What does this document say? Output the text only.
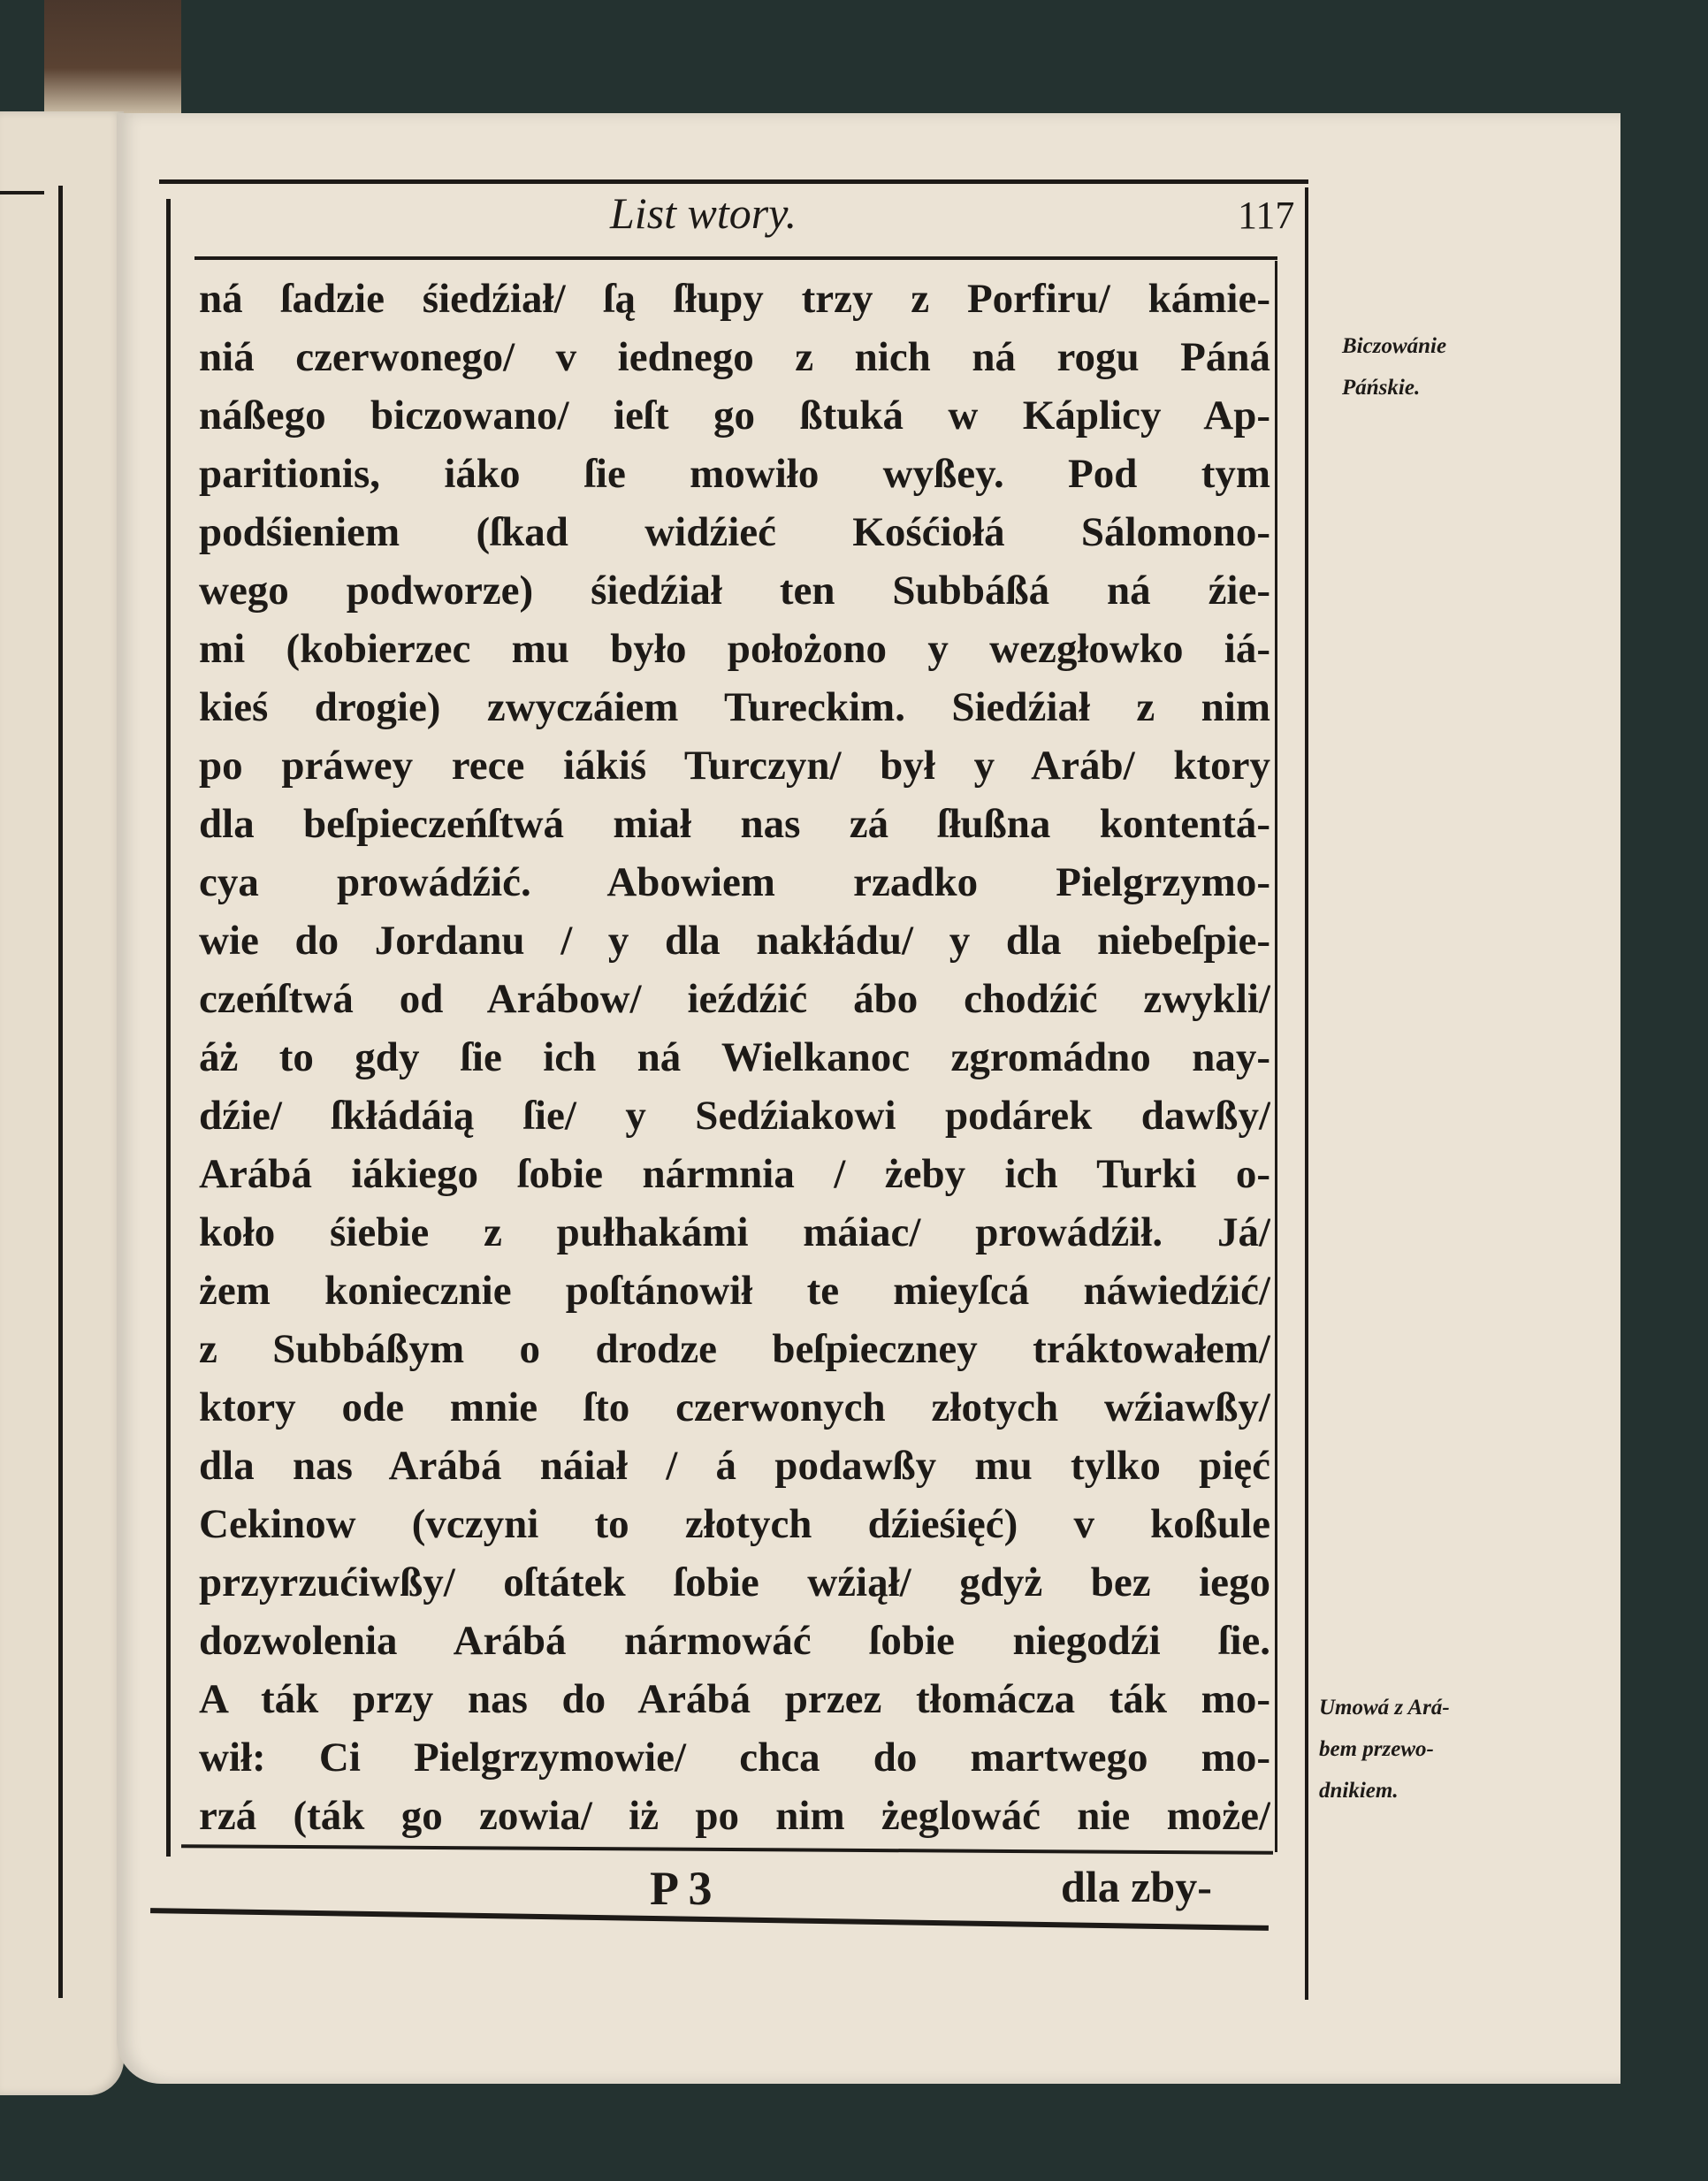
List wtory.	117
ná ſadzie śiedźiał/ ſą ſłupy trzy z Porfiru/ kámie-
niá czerwonego/ v iednego z nich ná rogu Páná
náßego biczowano/ ieſt go ßtuká w Káplicy Ap-
paritionis, iáko ſie mowiło wyßey. Pod tym
podśieniem (ſkad widźieć Kośćiołá Sálomono-
wego podworze) śiedźiał ten Subbáßá ná źie-
mi (kobierzec mu było położono y wezgłowko iá-
kieś drogie) zwyczáiem Tureckim. Siedźiał z nim
po práwey rece iákiś Turczyn/ był y Aráb/ ktory
dla beſpieczeńſtwá miał nas zá ſłußna kontentá-
cya prowádźić. Abowiem rzadko Pielgrzymo-
wie do Jordanu / y dla nakłádu/ y dla niebeſpie-
czeńſtwá od Arábow/ ieźdźić ábo chodźić zwykli/
áż to gdy ſie ich ná Wielkanoc zgromádno nay-
dźie/ ſkłádáią ſie/ y Sedźiakowi podárek dawßy/
Arábá iákiego ſobie nármnia / żeby ich Turki o-
koło śiebie z pułhakámi máiac/ prowádźił. Já/
żem koniecznie poſtánowił te mieyſcá náwiedźić/
z Subbáßym o drodze beſpieczney tráktowałem/
ktory ode mnie ſto czerwonych złotych wźiawßy/
dla nas Arábá náiał / á podawßy mu tylko pięć
Cekinow (vczyni to złotych dźieśięć) v koßule
przyrzućiwßy/ oſtátek ſobie wźiął/ gdyż bez iego
dozwolenia Arábá nármowáć ſobie niegodźi ſie.
A ták przy nas do Arábá przez tłomácza ták mo-
wił: Ci Pielgrzymowie/ chca do martwego mo-
rzá (ták go zowia/ iż po nim żeglowáć nie może/
P 3	dla zby-
Biczowánie
Páńskie.
Umowá z Ará-
bem przewo-
dnikiem.
